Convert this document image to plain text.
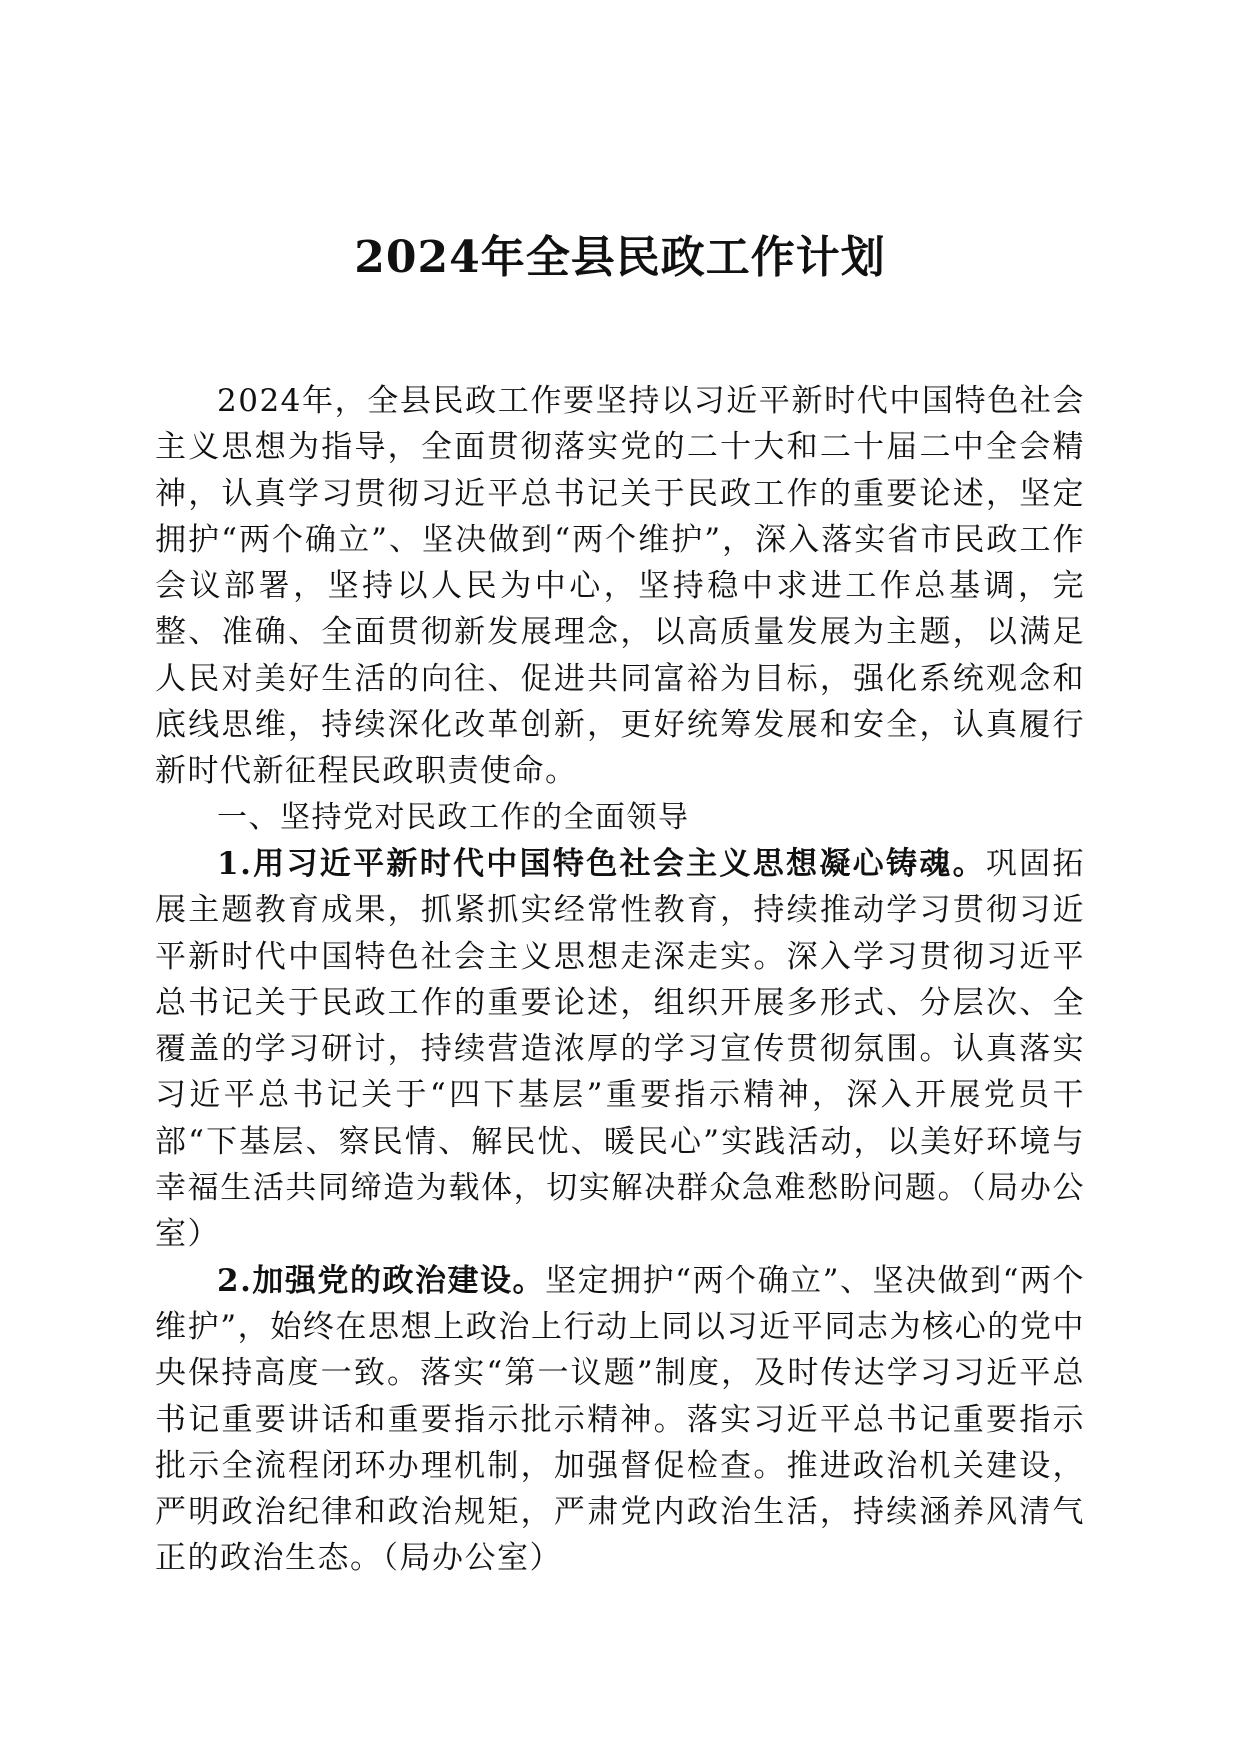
2024年全县民政工作计划

2024年，全县民政工作要坚持以习近平新时代中国特色社会主义思想为指导，全面贯彻落实党的二十大和二十届二中全会精神，认真学习贯彻习近平总书记关于民政工作的重要论述，坚定拥护“两个确立”、坚决做到“两个维护”，深入落实省市民政工作会议部署，坚持以人民为中心，坚持稳中求进工作总基调，完整、准确、全面贯彻新发展理念，以高质量发展为主题，以满足人民对美好生活的向往、促进共同富裕为目标，强化系统观念和底线思维，持续深化改革创新，更好统筹发展和安全，认真履行新时代新征程民政职责使命。

一、坚持党对民政工作的全面领导

1.用习近平新时代中国特色社会主义思想凝心铸魂。巩固拓展主题教育成果，抓紧抓实经常性教育，持续推动学习贯彻习近平新时代中国特色社会主义思想走深走实。深入学习贯彻习近平总书记关于民政工作的重要论述，组织开展多形式、分层次、全覆盖的学习研讨，持续营造浓厚的学习宣传贯彻氛围。认真落实习近平总书记关于“四下基层”重要指示精神，深入开展党员干部“下基层、察民情、解民忧、暖民心”实践活动，以美好环境与幸福生活共同缔造为载体，切实解决群众急难愁盼问题。（局办公室）

2.加强党的政治建设。坚定拥护“两个确立”、坚决做到“两个维护”，始终在思想上政治上行动上同以习近平同志为核心的党中央保持高度一致。落实“第一议题”制度，及时传达学习习近平总书记重要讲话和重要指示批示精神。落实习近平总书记重要指示批示全流程闭环办理机制，加强督促检查。推进政治机关建设，严明政治纪律和政治规矩，严肃党内政治生活，持续涵养风清气正的政治生态。（局办公室）
